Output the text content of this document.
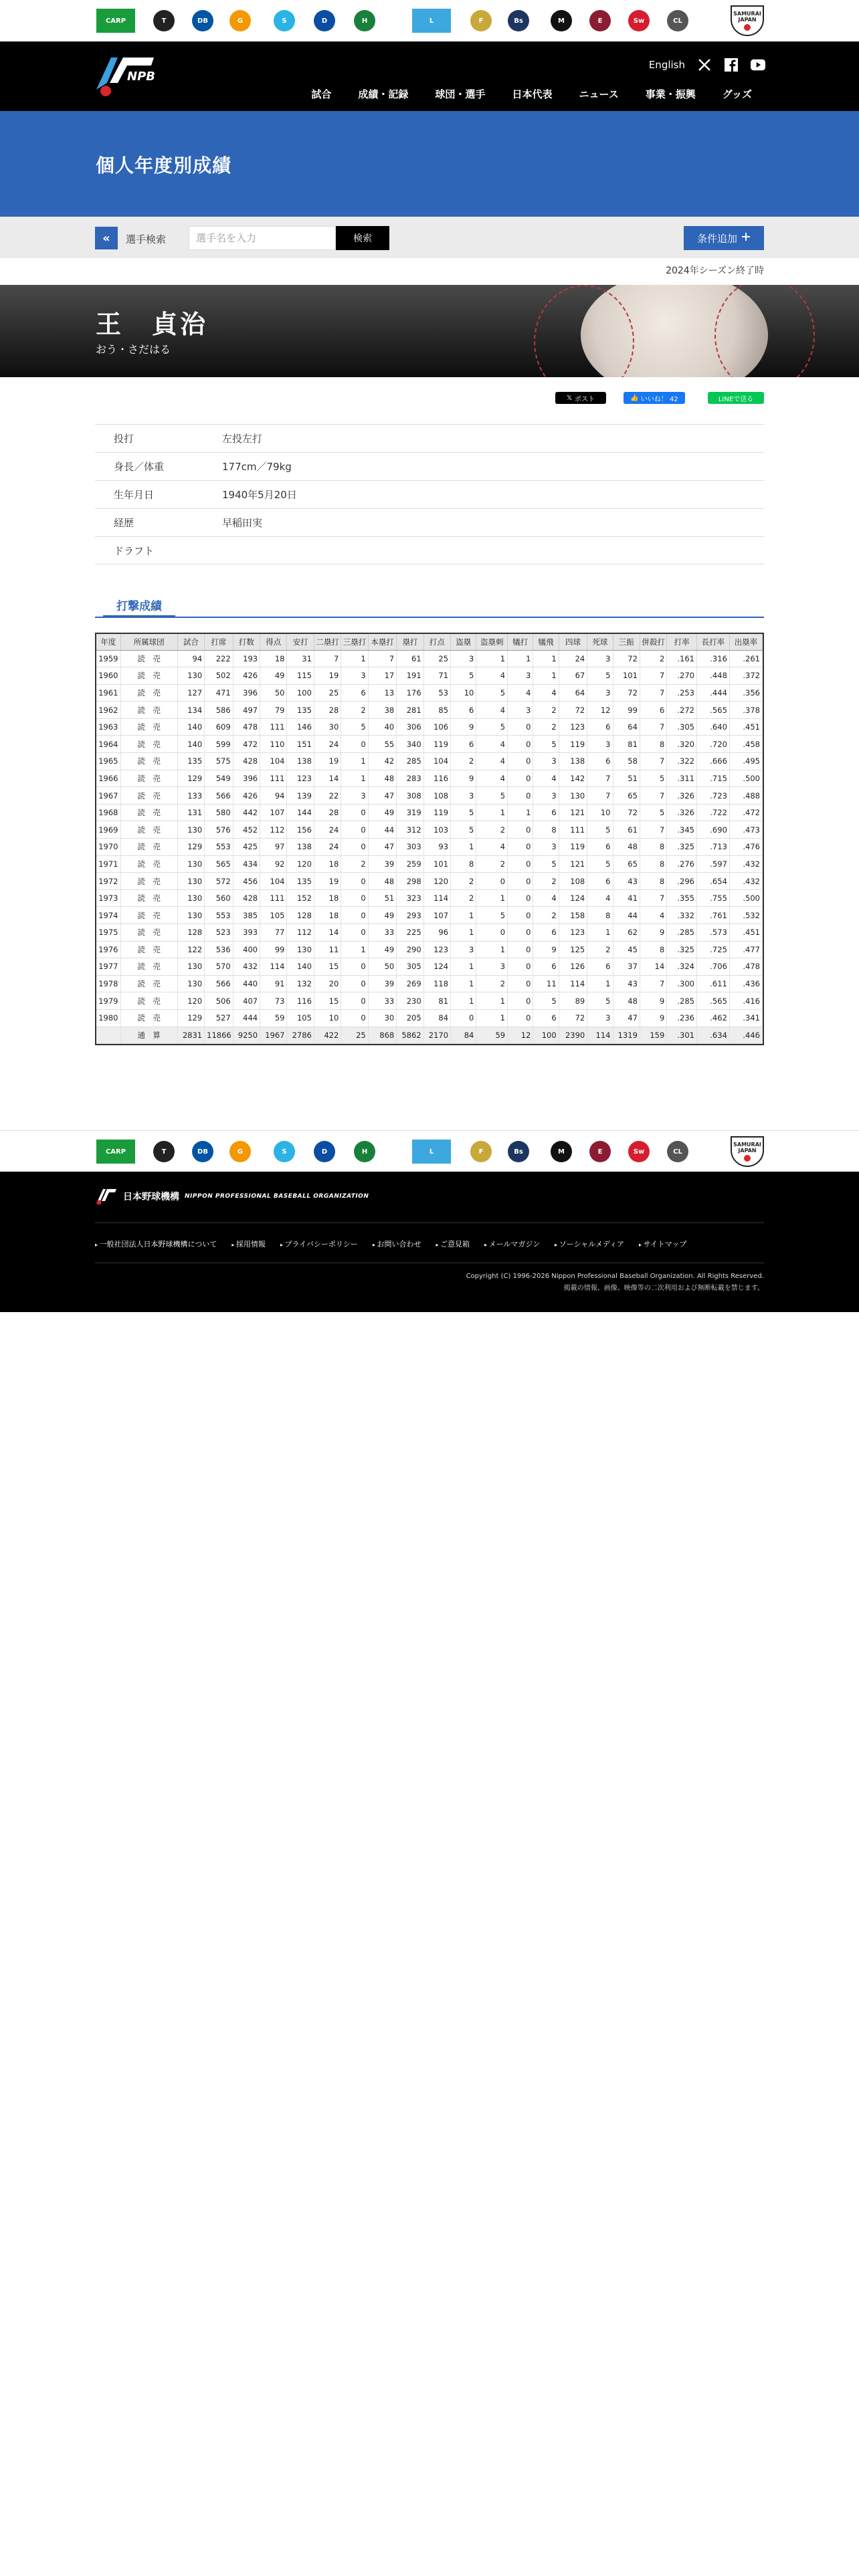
CARP	T	DB	G	S	D	H	L	F	Bs	M	E	Sw	CL
SAMURAI
JAPAN
NPB
English
試合	成績・記録	球団・選手	日本代表	ニュース	事業・振興	グッズ
個人年度別成績
« 選手検索
選手名を入力	検索	条件追加
2024年シーズン終了時
王　貞治
おう・さだはる
𝕏 ポスト	👍 いいね！ 42	LINEで送る
投打	左投左打
身長／体重	177cm／79kg
生年月日	1940年5月20日
経歴	早稲田実
ドラフト
打撃成績
年度	所属球団	試合	打席	打数	得点	安打	二塁打	三塁打	本塁打	塁打	打点	盗塁	盗塁刺	犠打	犠飛	四球	死球	三振	併殺打	打率	長打率	出塁率
1959	読　売	94	222	193	18	31	7	1	7	61	25	3	1	1	1	24	3	72	2	.161	.316	.261
1960	読　売	130	502	426	49	115	19	3	17	191	71	5	4	3	1	67	5	101	7	.270	.448	.372
1961	読　売	127	471	396	50	100	25	6	13	176	53	10	5	4	4	64	3	72	7	.253	.444	.356
1962	読　売	134	586	497	79	135	28	2	38	281	85	6	4	3	2	72	12	99	6	.272	.565	.378
1963	読　売	140	609	478	111	146	30	5	40	306	106	9	5	0	2	123	6	64	7	.305	.640	.451
1964	読　売	140	599	472	110	151	24	0	55	340	119	6	4	0	5	119	3	81	8	.320	.720	.458
1965	読　売	135	575	428	104	138	19	1	42	285	104	2	4	0	3	138	6	58	7	.322	.666	.495
1966	読　売	129	549	396	111	123	14	1	48	283	116	9	4	0	4	142	7	51	5	.311	.715	.500
1967	読　売	133	566	426	94	139	22	3	47	308	108	3	5	0	3	130	7	65	7	.326	.723	.488
1968	読　売	131	580	442	107	144	28	0	49	319	119	5	1	1	6	121	10	72	5	.326	.722	.472
1969	読　売	130	576	452	112	156	24	0	44	312	103	5	2	0	8	111	5	61	7	.345	.690	.473
1970	読　売	129	553	425	97	138	24	0	47	303	93	1	4	0	3	119	6	48	8	.325	.713	.476
1971	読　売	130	565	434	92	120	18	2	39	259	101	8	2	0	5	121	5	65	8	.276	.597	.432
1972	読　売	130	572	456	104	135	19	0	48	298	120	2	0	0	2	108	6	43	8	.296	.654	.432
1973	読　売	130	560	428	111	152	18	0	51	323	114	2	1	0	4	124	4	41	7	.355	.755	.500
1974	読　売	130	553	385	105	128	18	0	49	293	107	1	5	0	2	158	8	44	4	.332	.761	.532
1975	読　売	128	523	393	77	112	14	0	33	225	96	1	0	0	6	123	1	62	9	.285	.573	.451
1976	読　売	122	536	400	99	130	11	1	49	290	123	3	1	0	9	125	2	45	8	.325	.725	.477
1977	読　売	130	570	432	114	140	15	0	50	305	124	1	3	0	6	126	6	37	14	.324	.706	.478
1978	読　売	130	566	440	91	132	20	0	39	269	118	1	2	0	11	114	1	43	7	.300	.611	.436
1979	読　売	120	506	407	73	116	15	0	33	230	81	1	1	0	5	89	5	48	9	.285	.565	.416
1980	読　売	129	527	444	59	105	10	0	30	205	84	0	1	0	6	72	3	47	9	.236	.462	.341
	通　算	2831	11866	9250	1967	2786	422	25	868	5862	2170	84	59	12	100	2390	114	1319	159	.301	.634	.446
CARP	T	DB	G	S	D	H	L	F	Bs	M	E	Sw	CL
SAMURAI
JAPAN
日本野球機構 NIPPON PROFESSIONAL BASEBALL ORGANIZATION
▸ 一般社団法人日本野球機構について	▸ 採用情報	▸ プライバシーポリシー	▸ お問い合わせ	▸ ご意見箱	▸ メールマガジン	▸ ソーシャルメディア	▸ サイトマップ
Copyright (C) 1996-2026 Nippon Professional Baseball Organization. All Rights Reserved.
掲載の情報、画像、映像等の二次利用および無断転載を禁じます。
